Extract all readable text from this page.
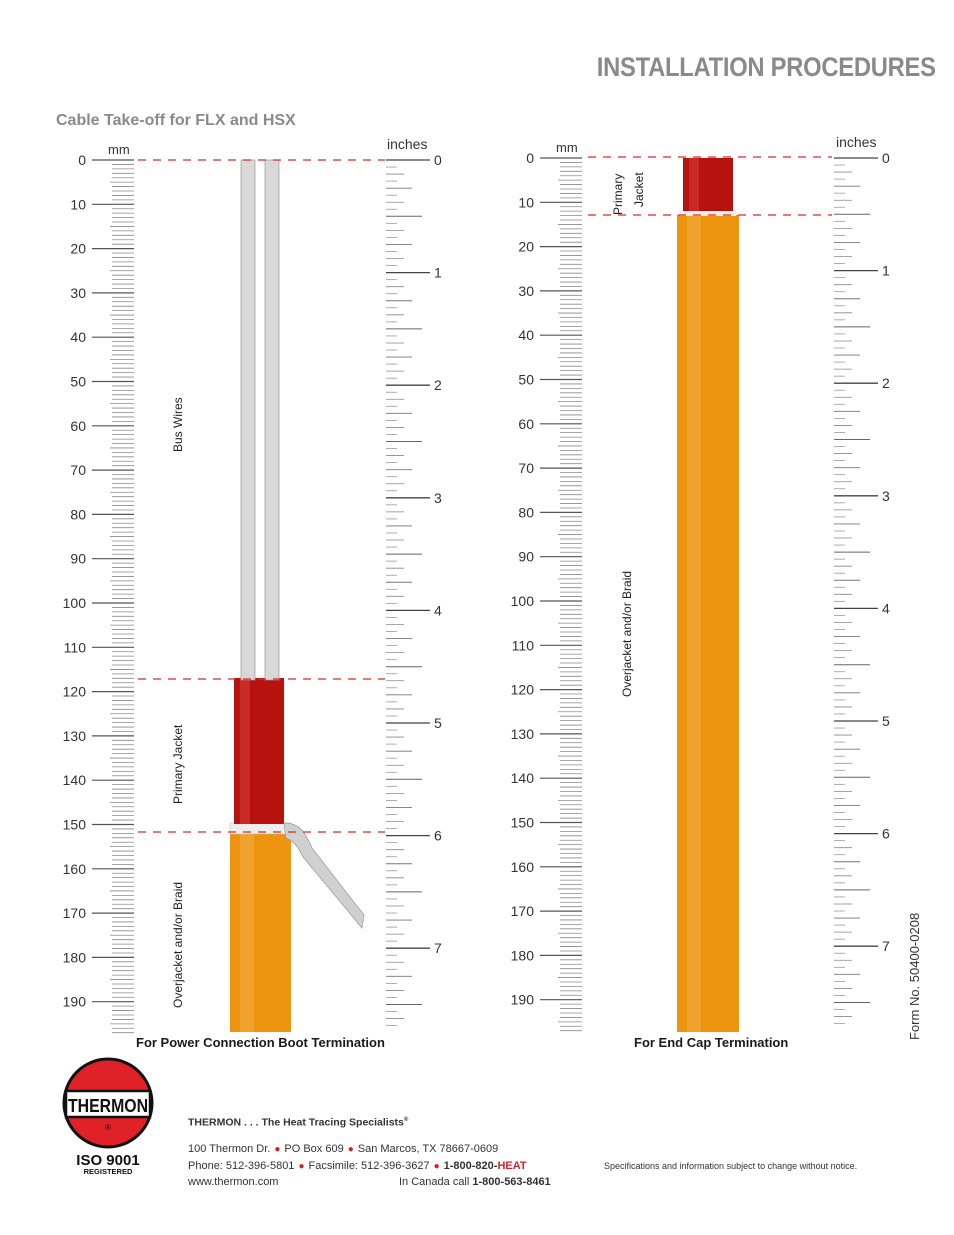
INSTALLATION PROCEDURES
Cable Take-off for FLX and HSX
mm	inches
0
10
20
30
40
50
60
70
80
90
100
110
120
130
140
150
160
170
180
190
0
1
2
3
4
5
6
7
Bus Wires
Primary Jacket
Overjacket and/or Braid
mm	inches
0
10
20
30
40
50
60
70
80
90
100
110
120
130
140
150
160
170
180
190
0
1
2
3
4
5
6
7
Primary Jacket
Overjacket and/or Braid
For Power Connection Boot Termination	For End Cap Termination
Form No. 50400-0208
THERMON
®
ISO 9001
REGISTERED
THERMON . . . The Heat Tracing Specialists®
100 Thermon Dr. ● PO Box 609 ● San Marcos, TX 78667-0609
Phone: 512-396-5801 ● Facsimile: 512-396-3627 ● 1-800-820-HEAT
www.thermon.com	In Canada call 1-800-563-8461
Specifications and information subject to change without notice.
